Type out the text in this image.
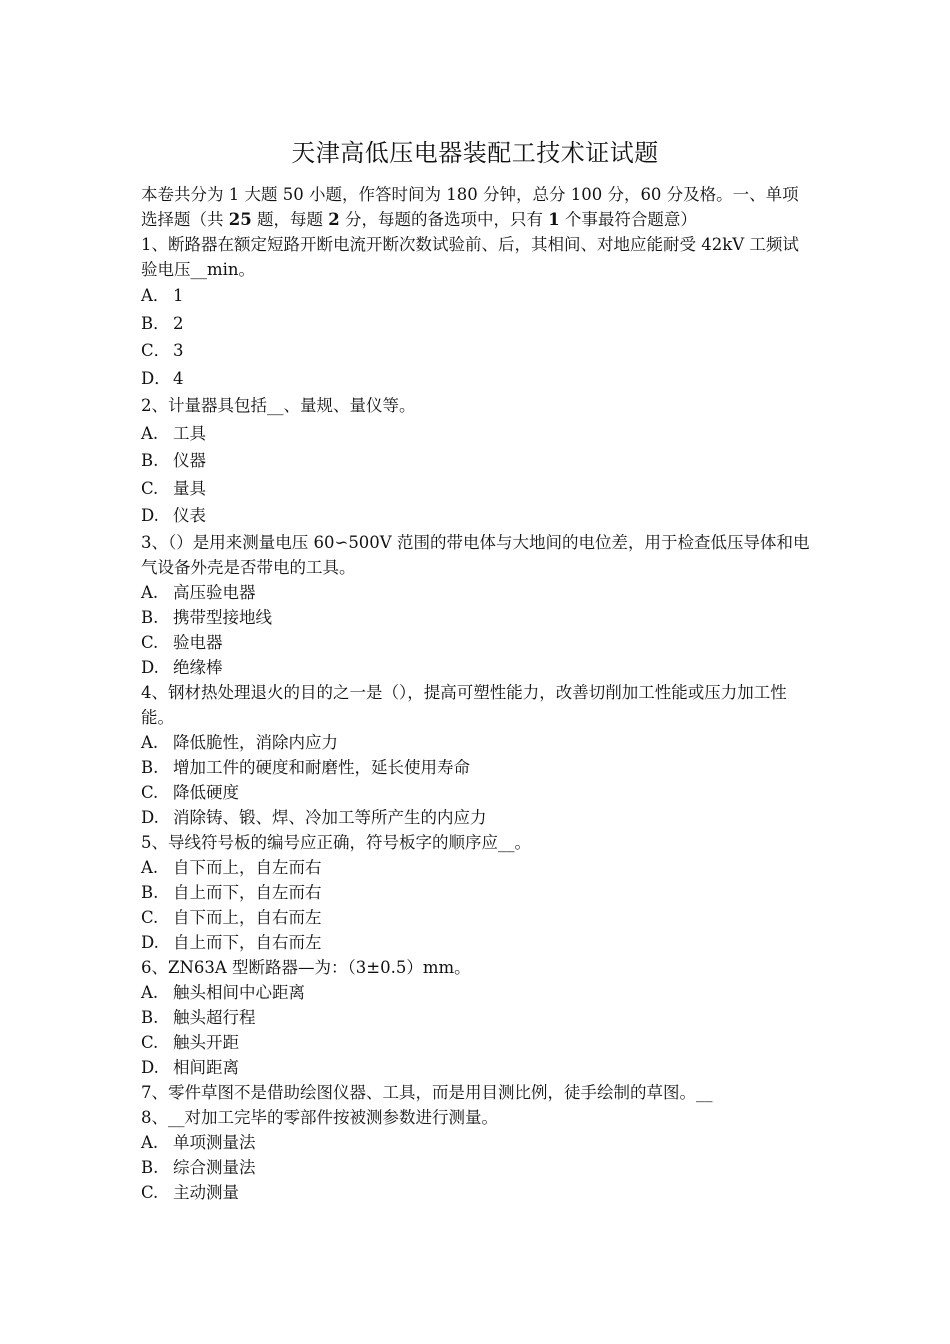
天津高低压电器装配工技术证试题

本卷共分为 1 大题 50 小题，作答时间为 180 分钟，总分 100 分，60 分及格。一、单项选择题（共 25 题，每题 2 分，每题的备选项中，只有 1 个事最符合题意）

1、断路器在额定短路开断电流开断次数试验前、后，其相间、对地应能耐受 42kV 工频试验电压__min。

A． 1

B． 2

C． 3

D． 4

2、计量器具包括__、量规、量仪等。

A. 工具

B. 仪器

C. 量具

D. 仪表

3、（）是用来测量电压 60∽500V 范围的带电体与大地间的电位差，用于检查低压导体和电气设备外壳是否带电的工具。

A. 高压验电器

B. 携带型接地线

C. 验电器

D. 绝缘棒

4、钢材热处理退火的目的之一是（），提高可塑性能力，改善切削加工性能或压力加工性能。

A. 降低脆性，消除内应力

B. 增加工件的硬度和耐磨性，延长使用寿命

C. 降低硬度

D. 消除铸、锻、焊、冷加工等所产生的内应力

5、导线符号板的编号应正确，符号板字的顺序应__。

A. 自下而上，自左而右

B. 自上而下，自左而右

C. 自下而上，自右而左

D. 自上而下，自右而左

6、ZN63A 型断路器—为：（3±0.5）mm。

A. 触头相间中心距离

B. 触头超行程

C. 触头开距

D. 相间距离

7、零件草图不是借助绘图仪器、工具，而是用目测比例，徒手绘制的草图。__

8、__对加工完毕的零部件按被测参数进行测量。

A. 单项测量法

B. 综合测量法

C. 主动测量
